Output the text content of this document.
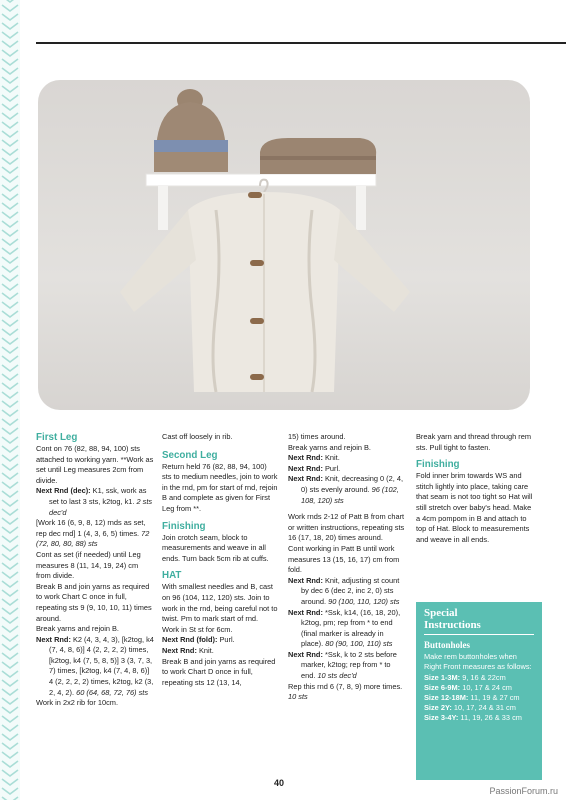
First Leg

Cont on 76 (82, 88, 94, 100) sts attached to working yarn. **Work as set until Leg measures 2cm from divide.

Next Rnd (dec): K1, ssk, work as set to last 3 sts, k2tog, k1. 2 sts dec'd

[Work 16 (6, 9, 8, 12) rnds as set, rep dec rnd] 1 (4, 3, 6, 5) times. 72 (72, 80, 80, 88) sts

Cont as set (if needed) until Leg measures 8 (11, 14, 19, 24) cm from divide.

Break B and join yarns as required to work Chart C once in full, repeating sts 9 (9, 10, 10, 11) times around.

Break yarns and rejoin B.

Next Rnd: K2 (4, 3, 4, 3), [k2tog, k4 (7, 4, 8, 6)] 4 (2, 2, 2, 2) times, [k2tog, k4 (7, 5, 8, 5)] 3 (3, 7, 3, 7) times, [k2tog, k4 (7, 4, 8, 6)] 4 (2, 2, 2, 2) times, k2tog, k2 (3, 2, 4, 2). 60 (64, 68, 72, 76) sts

Work in 2x2 rib for 10cm.

Cast off loosely in rib.

Second Leg

Return held 76 (82, 88, 94, 100) sts to medium needles, join to work in the rnd, pm for start of rnd, rejoin B and complete as given for First Leg from **.

Finishing

Join crotch seam, block to measurements and weave in all ends. Turn back 5cm rib at cuffs.

HAT

With smallest needles and B, cast on 96 (104, 112, 120) sts. Join to work in the rnd, being careful not to twist. Pm to mark start of rnd.

Work in St st for 6cm.

Next Rnd (fold): Purl.

Next Rnd: Knit.

Break B and join yarns as required to work Chart D once in full, repeating sts 12 (13, 14,

15) times around.

Break yarns and rejoin B.

Next Rnd: Knit.

Next Rnd: Purl.

Next Rnd: Knit, decreasing 0 (2, 4, 0) sts evenly around. 96 (102, 108, 120) sts

Work rnds 2-12 of Patt B from chart or written instructions, repeating sts 16 (17, 18, 20) times around.

Cont working in Patt B until work measures 13 (15, 16, 17) cm from fold.

Next Rnd: Knit, adjusting st count by dec 6 (dec 2, inc 2, 0) sts around. 90 (100, 110, 120) sts

Next Rnd: *Ssk, k14, (16, 18, 20), k2tog, pm; rep from * to end (final marker is already in place). 80 (90, 100, 110) sts

Next Rnd: *Ssk, k to 2 sts before marker, k2tog; rep from * to end. 10 sts dec'd

Rep this rnd 6 (7, 8, 9) more times. 10 sts

Break yarn and thread through rem sts. Pull tight to fasten.

Finishing

Fold inner brim towards WS and stitch lightly into place, taking care that seam is not too tight so Hat will still stretch over baby's head. Make a 4cm pompom in B and attach to top of Hat. Block to measurements and weave in all ends.

Special
Instructions
Buttonholes
Make rem buttonholes when Right Front measures as follows:
Size 1-3M: 9, 16 & 22cm
Size 6-9M: 10, 17 & 24 cm
Size 12-18M: 11, 19 & 27 cm
Size 2Y: 10, 17, 24 & 31 cm
Size 3-4Y: 11, 19, 26 & 33 cm
40
PassionForum.ru
